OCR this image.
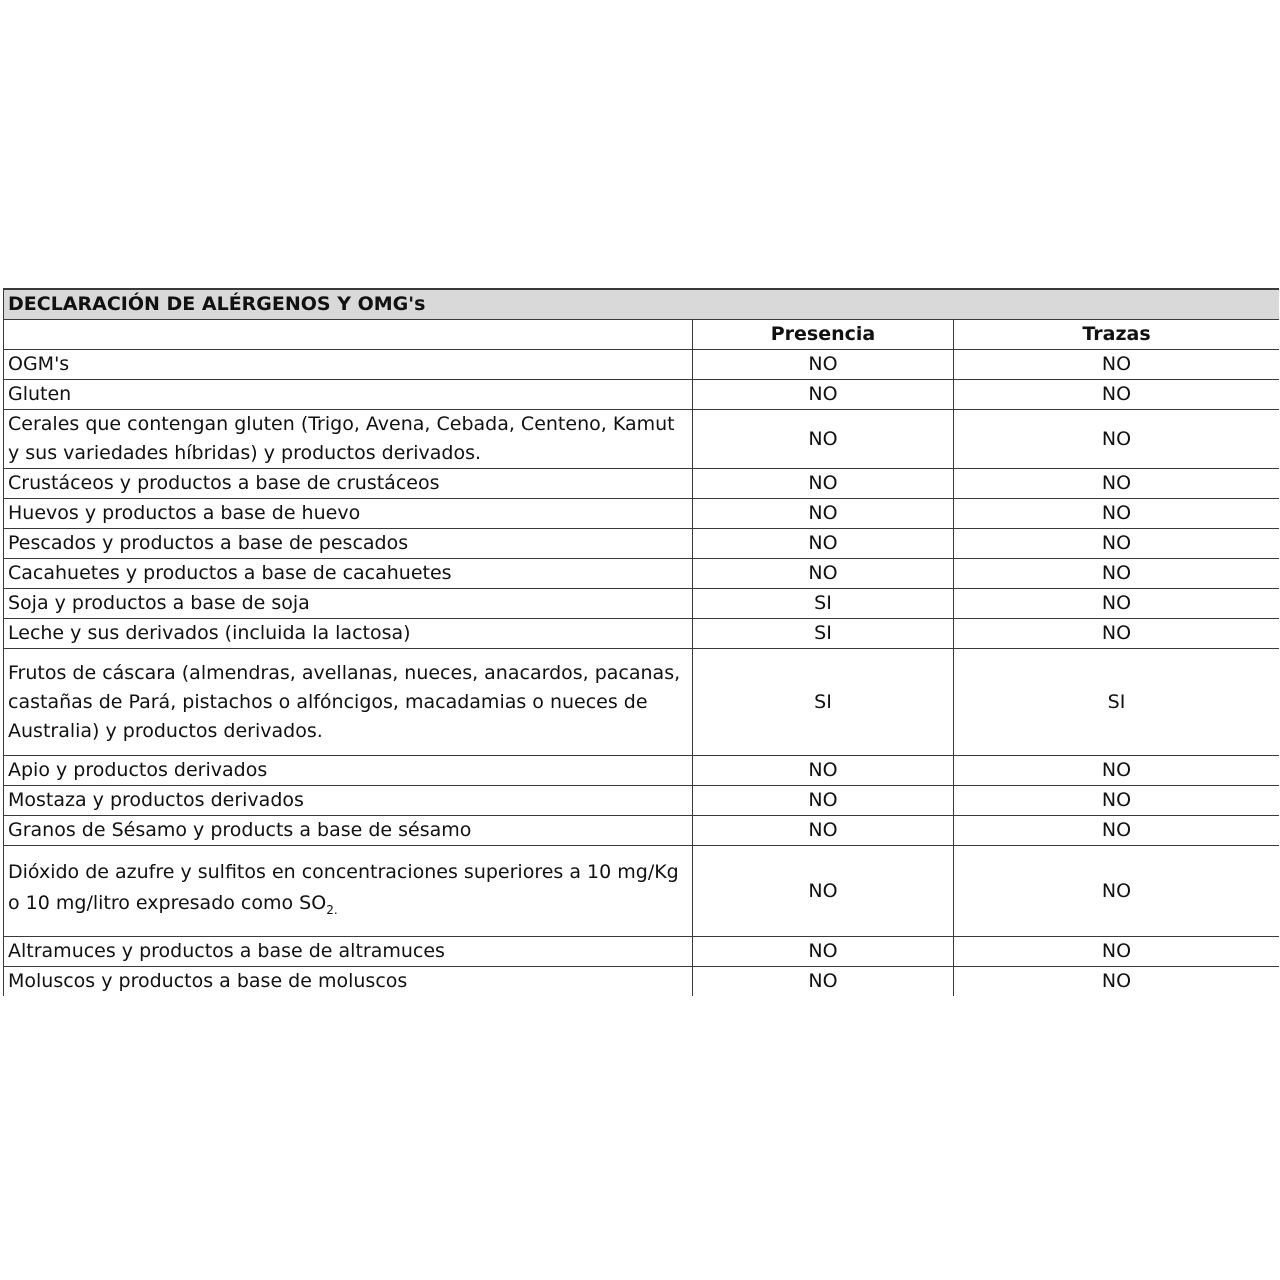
DECLARACIÓN DE ALÉRGENOS Y OMG's		
	Presencia	Trazas
OGM's	NO	NO
Gluten	NO	NO
Cerales que contengan gluten (Trigo, Avena, Cebada, Centeno, Kamut y sus variedades híbridas) y productos derivados.	NO	NO
Crustáceos y productos a base de crustáceos	NO	NO
Huevos y productos a base de huevo	NO	NO
Pescados y productos a base de pescados	NO	NO
Cacahuetes y productos a base de cacahuetes	NO	NO
Soja y productos a base de soja	SI	NO
Leche y sus derivados (incluida la lactosa)	SI	NO
Frutos de cáscara (almendras, avellanas, nueces, anacardos, pacanas, castañas de Pará, pistachos o alfóncigos, macadamias o nueces de Australia) y productos derivados.	SI	SI
Apio y productos derivados	NO	NO
Mostaza y productos derivados	NO	NO
Granos de Sésamo y products a base de sésamo	NO	NO
Dióxido de azufre y sulfitos en concentraciones superiores a 10 mg/Kg o 10 mg/litro expresado como $SO_{2.}$	NO	NO
Altramuces y productos a base de altramuces	NO	NO
Moluscos y productos a base de moluscos	NO	NO
